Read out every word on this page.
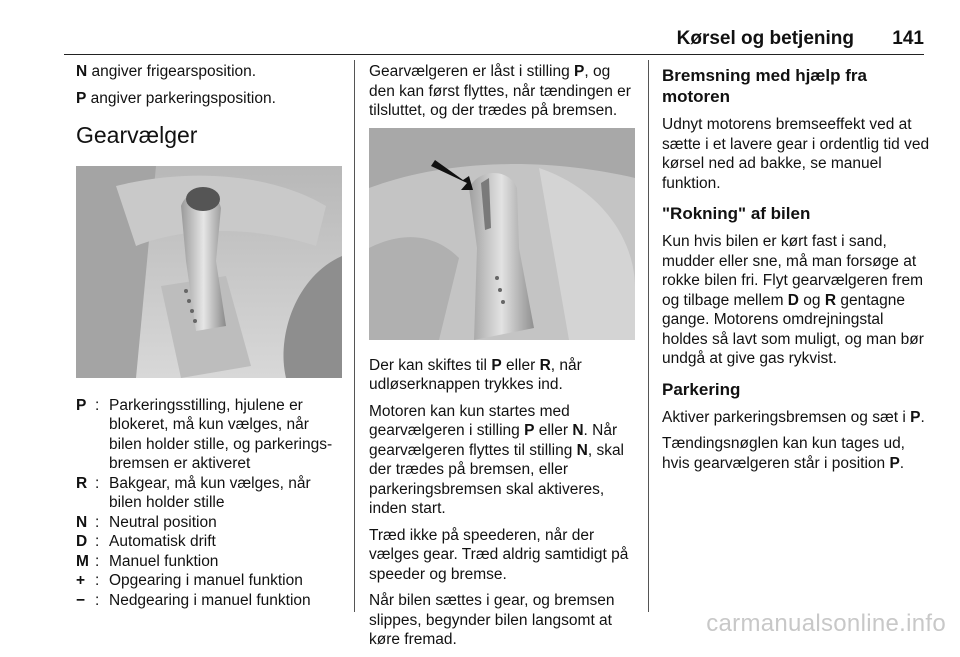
Kørsel og betjening 141

N angiver frigearsposition.

P angiver parkeringsposition.

Gearvælger
P : Parkeringsstilling, hjulene er blokeret, må kun vælges, når bilen holder stille, og parkerings-bremsen er aktiveret
R : Bakgear, må kun vælges, når bilen holder stille
N : Neutral position
D : Automatisk drift
M : Manuel funktion
+ : Opgearing i manuel funktion
− : Nedgearing i manuel funktion

Gearvælgeren er låst i stilling P, og den kan først flyttes, når tændingen er tilsluttet, og der trædes på bremsen.

Der kan skiftes til P eller R, når udløserknappen trykkes ind.

Motoren kan kun startes med gearvælgeren i stilling P eller N. Når gearvælgeren flyttes til stilling N, skal der trædes på bremsen, eller parkeringsbremsen skal aktiveres, inden start.

Træd ikke på speederen, når der vælges gear. Træd aldrig samtidigt på speeder og bremse.

Når bilen sættes i gear, og bremsen slippes, begynder bilen langsomt at køre fremad.

Bremsning med hjælp fra motoren

Udnyt motorens bremseeffekt ved at sætte i et lavere gear i ordentlig tid ved kørsel ned ad bakke, se manuel funktion.

"Rokning" af bilen

Kun hvis bilen er kørt fast i sand, mudder eller sne, må man forsøge at rokke bilen fri. Flyt gearvælgeren frem og tilbage mellem D og R gentagne gange. Motorens omdrejningstal holdes så lavt som muligt, og man bør undgå at give gas rykvist.

Parkering

Aktiver parkeringsbremsen og sæt i P.

Tændingsnøglen kan kun tages ud, hvis gearvælgeren står i position P.

carmanualsonline.info
